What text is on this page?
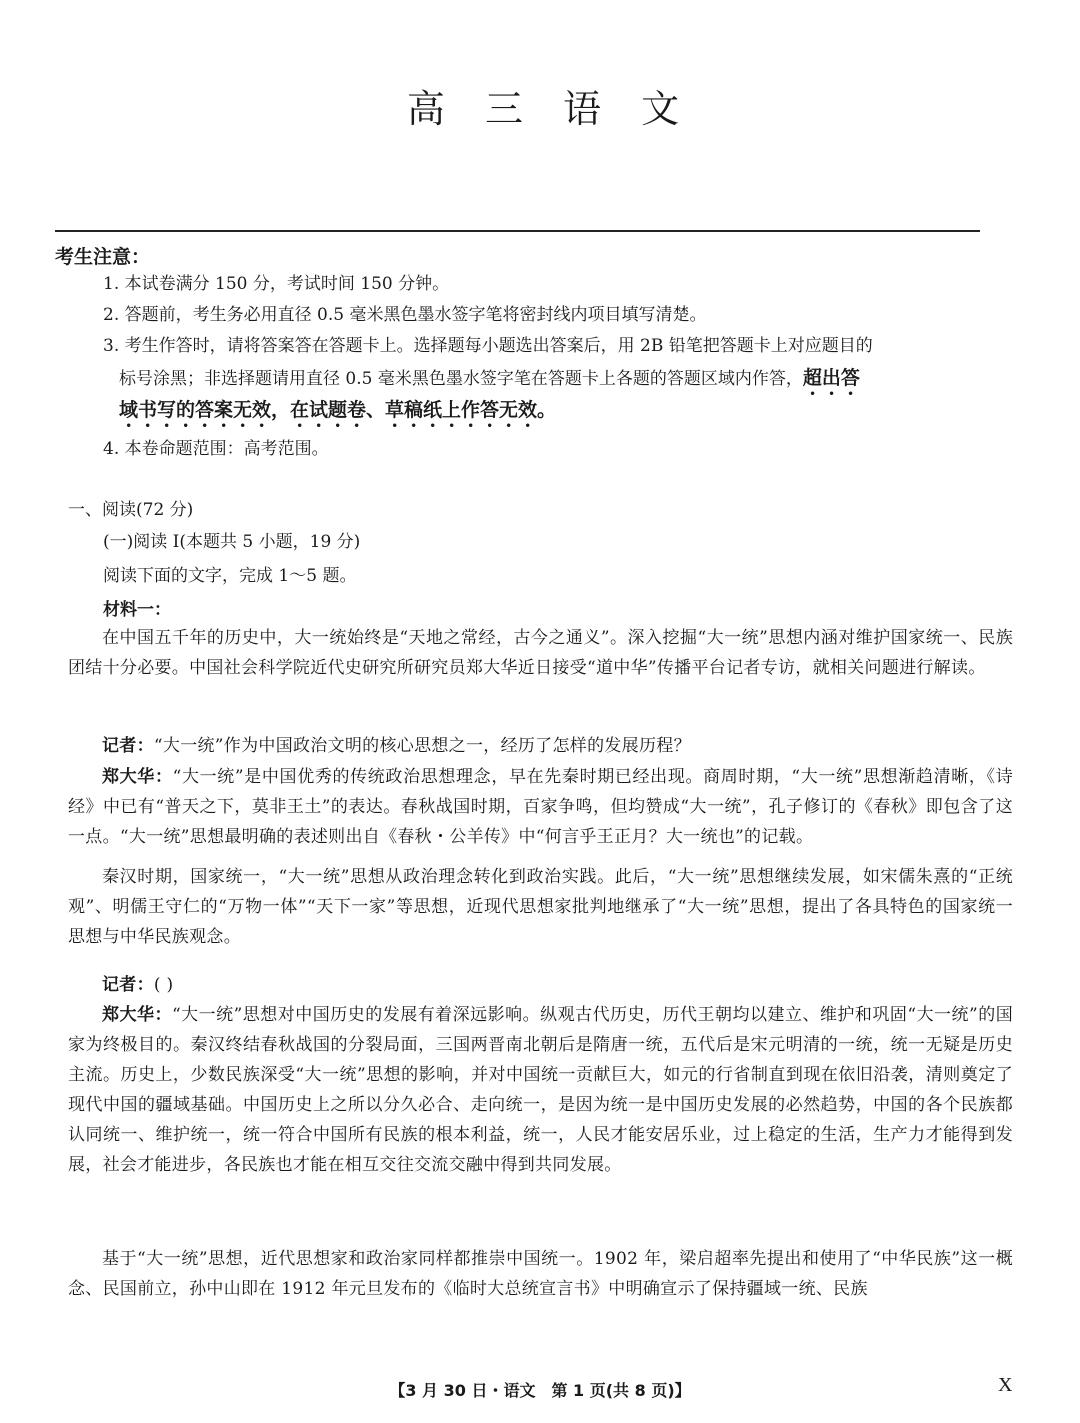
高 三 语 文
考生注意：
1. 本试卷满分 150 分，考试时间 150 分钟。
2. 答题前，考生务必用直径 0.5 毫米黑色墨水签字笔将密封线内项目填写清楚。
3. 考生作答时，请将答案答在答题卡上。选择题每小题选出答案后，用 2B 铅笔把答题卡上对应题目的
标号涂黑；非选择题请用直径 0.5 毫米黑色墨水签字笔在答题卡上各题的答题区域内作答，超出答
域书写的答案无效，在试题卷、草稿纸上作答无效。
4. 本卷命题范围：高考范围。
一、阅读(72 分)
(一)阅读 I(本题共 5 小题，19 分)
阅读下面的文字，完成 1～5 题。
材料一：
在中国五千年的历史中，大一统始终是“天地之常经，古今之通义”。深入挖掘“大一统”思想内涵对维护国家统一、民族团结十分必要。中国社会科学院近代史研究所研究员郑大华近日接受“道中华”传播平台记者专访，就相关问题进行解读。
记者：“大一统”作为中国政治文明的核心思想之一，经历了怎样的发展历程？
郑大华：“大一统”是中国优秀的传统政治思想理念，早在先秦时期已经出现。商周时期，“大一统”思想渐趋清晰，《诗经》中已有“普天之下，莫非王土”的表达。春秋战国时期，百家争鸣，但均赞成“大一统”，孔子修订的《春秋》即包含了这一点。“大一统”思想最明确的表述则出自《春秋・公羊传》中“何言乎王正月？大一统也”的记载。
秦汉时期，国家统一，“大一统”思想从政治理念转化到政治实践。此后，“大一统”思想继续发展，如宋儒朱熹的“正统观”、明儒王守仁的“万物一体”“天下一家”等思想，近现代思想家批判地继承了“大一统”思想，提出了各具特色的国家统一思想与中华民族观念。
记者：( )
郑大华：“大一统”思想对中国历史的发展有着深远影响。纵观古代历史，历代王朝均以建立、维护和巩固“大一统”的国家为终极目的。秦汉终结春秋战国的分裂局面，三国两晋南北朝后是隋唐一统，五代后是宋元明清的一统，统一无疑是历史主流。历史上，少数民族深受“大一统”思想的影响，并对中国统一贡献巨大，如元的行省制直到现在依旧沿袭，清则奠定了现代中国的疆域基础。中国历史上之所以分久必合、走向统一，是因为统一是中国历史发展的必然趋势，中国的各个民族都认同统一、维护统一，统一符合中国所有民族的根本利益，统一，人民才能安居乐业，过上稳定的生活，生产力才能得到发展，社会才能进步，各民族也才能在相互交往交流交融中得到共同发展。
基于“大一统”思想，近代思想家和政治家同样都推崇中国统一。1902 年，梁启超率先提出和使用了“中华民族”这一概念、民国前立，孙中山即在 1912 年元旦发布的《临时大总统宣言书》中明确宣示了保持疆域一统、民族
【3 月 30 日・语文　第 1 页(共 8 页)】	X
